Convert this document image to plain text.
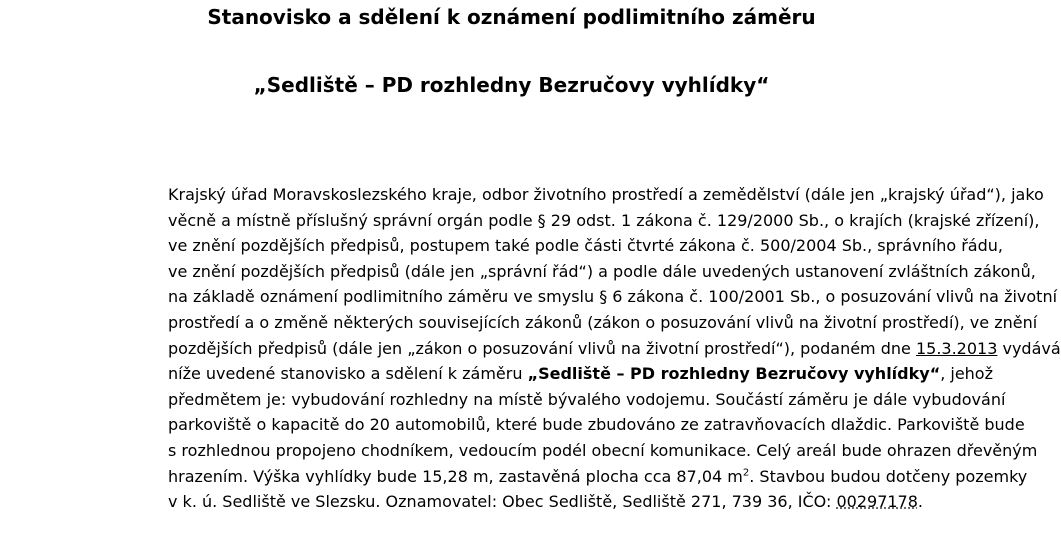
Stanovisko a sdělení k oznámení podlimitního záměru
„Sedliště – PD rozhledny Bezručovy vyhlídky“
Krajský úřad Moravskoslezského kraje, odbor životního prostředí a zemědělství (dále jen „krajský úřad“), jako
věcně a místně příslušný správní orgán podle § 29 odst. 1 zákona č. 129/2000 Sb., o krajích (krajské zřízení),
ve znění pozdějších předpisů, postupem také podle části čtvrté zákona č. 500/2004 Sb., správního řádu,
ve znění pozdějších předpisů (dále jen „správní řád“) a podle dále uvedených ustanovení zvláštních zákonů,
na základě oznámení podlimitního záměru ve smyslu § 6 zákona č. 100/2001 Sb., o posuzování vlivů na životní
prostředí a o změně některých souvisejících zákonů (zákon o posuzování vlivů na životní prostředí), ve znění
pozdějších předpisů (dále jen „zákon o posuzování vlivů na životní prostředí“), podaném dne 15.3.2013 vydává
níže uvedené stanovisko a sdělení k záměru „Sedliště – PD rozhledny Bezručovy vyhlídky“, jehož
předmětem je: vybudování rozhledny na místě bývalého vodojemu. Součástí záměru je dále vybudování
parkoviště o kapacitě do 20 automobilů, které bude zbudováno ze zatravňovacích dlaždic. Parkoviště bude
s rozhlednou propojeno chodníkem, vedoucím podél obecní komunikace. Celý areál bude ohrazen dřevěným
hrazením. Výška vyhlídky bude 15,28 m, zastavěná plocha cca 87,04 $m^2$. Stavbou budou dotčeny pozemky
v k. ú. Sedliště ve Slezsku. Oznamovatel: Obec Sedliště, Sedliště 271, 739 36, IČO: 00297178.
